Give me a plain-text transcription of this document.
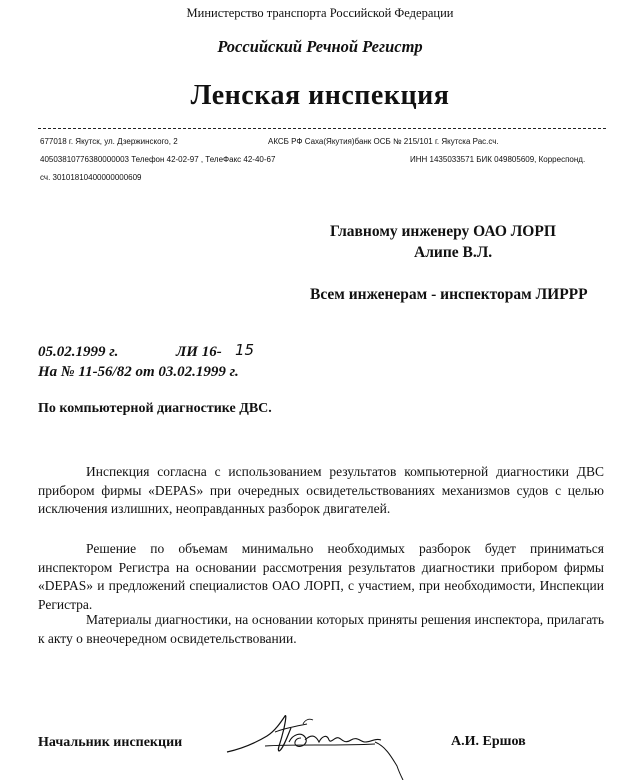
Министерство транспорта Российской Федерации
Российский Речной Регистр
Ленская инспекция
677018 г. Якутск, ул. Дзержинского, 2	АКСБ РФ Саха(Якутия)банк ОСБ № 215/101 г. Якутска Рас.сч.
40503810776380000003 Телефон 42-02-97 , ТелеФакс 42-40-67	ИНН 1435033571 БИК 049805609, Корреспонд.
сч. 30101810400000000609
Главному инженеру ОАО ЛОРП
Алипе В.Л.
Всем инженерам - инспекторам ЛИРРР
05.02.1999 г.	ЛИ 16- 15
На № 11-56/82 от 03.02.1999 г.
По компьютерной диагностике ДВС.
Инспекция согласна с использованием результатов компьютерной диагностики ДВС прибором фирмы «DEPAS» при очередных освидетельствованиях механизмов судов с целью исключения излишних, неоправданных разборок двигателей.
Решение по объемам минимально необходимых разборок будет приниматься инспектором Регистра на основании рассмотрения результатов диагностики прибором фирмы «DEPAS» и предложений специалистов ОАО ЛОРП, с участием, при необходимости, Инспекции Регистра.
Материалы диагностики, на основании которых приняты решения инспектора, прилагать к акту о внеочередном освидетельствовании.
Начальник инспекции	А.И. Ершов
